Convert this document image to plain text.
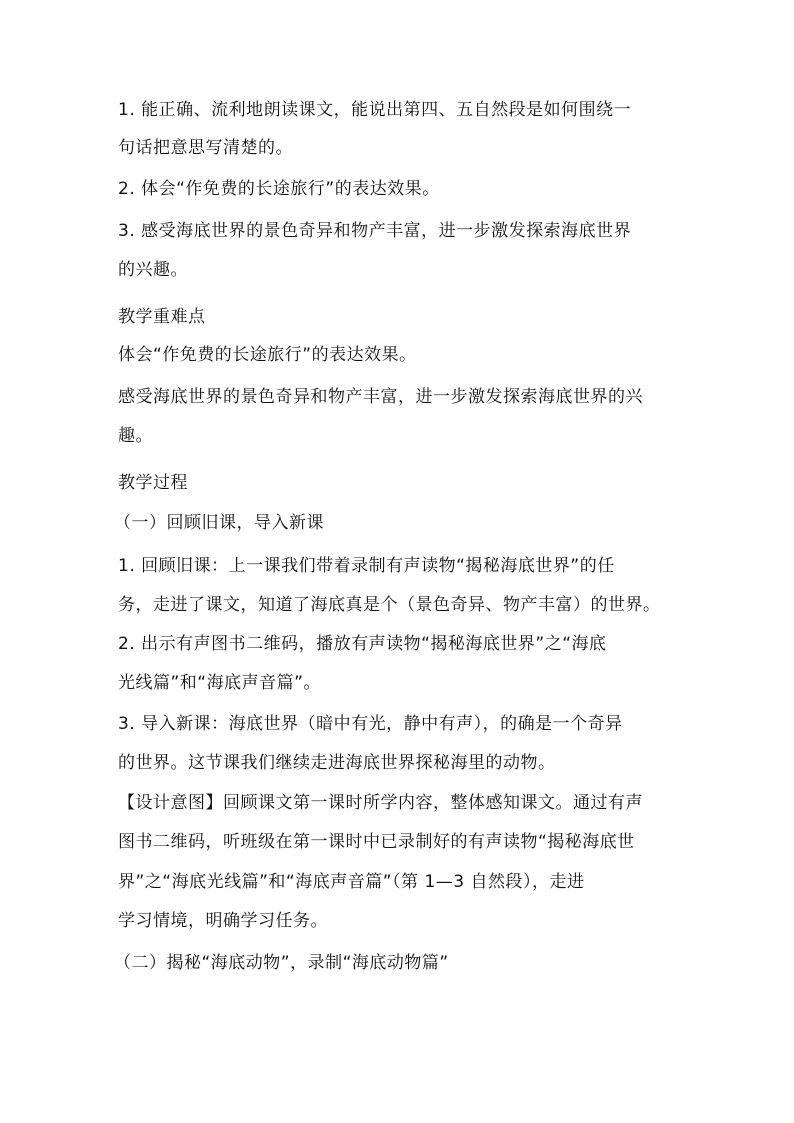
1. 能正确、流利地朗读课文，能说出第四、五自然段是如何围绕一
句话把意思写清楚的。
2. 体会“作免费的长途旅行”的表达效果。
3. 感受海底世界的景色奇异和物产丰富，进一步激发探索海底世界
的兴趣。
教学重难点
体会“作免费的长途旅行”的表达效果。
感受海底世界的景色奇异和物产丰富，进一步激发探索海底世界的兴
趣。
教学过程
（一）回顾旧课，导入新课
1. 回顾旧课：上一课我们带着录制有声读物“揭秘海底世界”的任
务，走进了课文，知道了海底真是个（景色奇异、物产丰富）的世界。
2. 出示有声图书二维码，播放有声读物“揭秘海底世界”之“海底
光线篇”和“海底声音篇”。
3. 导入新课：海底世界（暗中有光，静中有声），的确是一个奇异
的世界。这节课我们继续走进海底世界探秘海里的动物。
【设计意图】回顾课文第一课时所学内容，整体感知课文。通过有声
图书二维码，听班级在第一课时中已录制好的有声读物“揭秘海底世
界”之“海底光线篇”和“海底声音篇”（第 1—3 自然段），走进
学习情境，明确学习任务。
（二）揭秘“海底动物”，录制“海底动物篇”
